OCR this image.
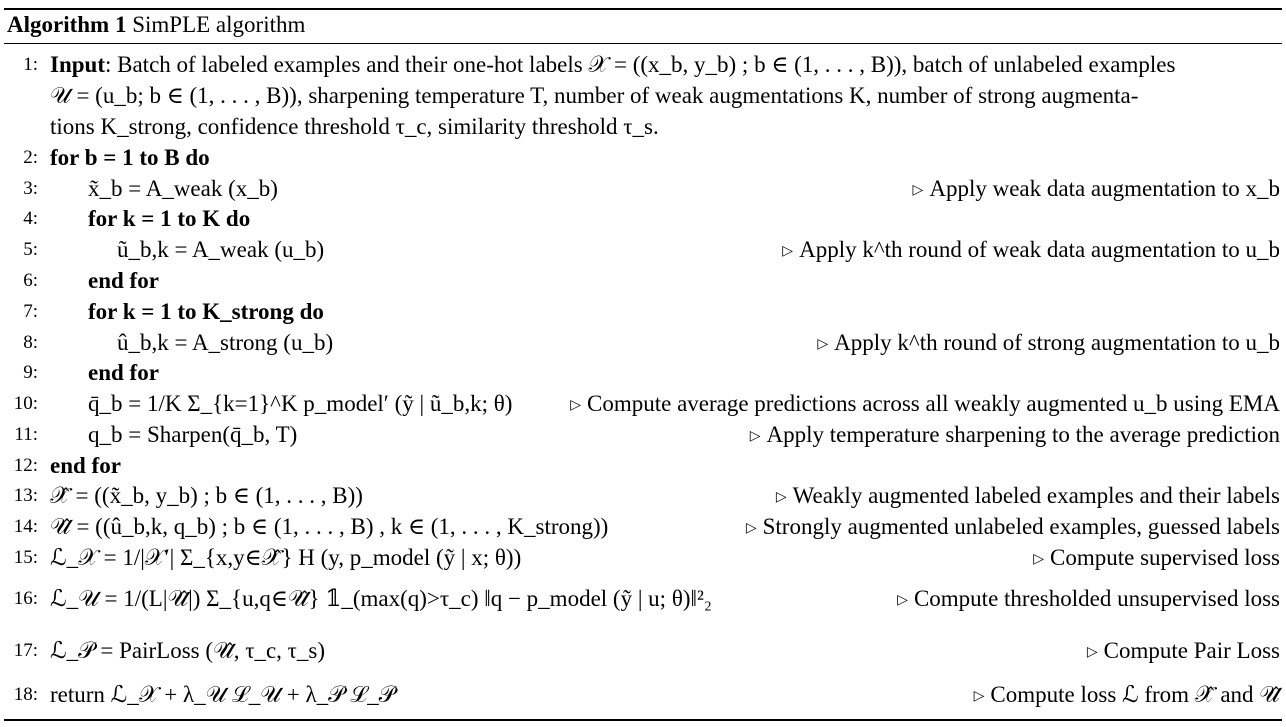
Algorithm 1 SimPLE algorithm
1: Input: Batch of labeled examples and their one-hot labels 𝒳 = ((x_b, y_b) ; b ∈ (1, . . . , B)), batch of unlabeled examples
𝒰 = (u_b; b ∈ (1, . . . , B)), sharpening temperature T, number of weak augmentations K, number of strong augmenta-
tions K_strong, confidence threshold τ_c, similarity threshold τ_s.
2: for b = 1 to B do
3: x̃_b = A_weak (x_b)	▷ Apply weak data augmentation to x_b
4: for k = 1 to K do
5:	ũ_b,k = A_weak (u_b)	▷ Apply k^th round of weak data augmentation to u_b
6: end for
7: for k = 1 to K_strong do
8:	û_b,k = A_strong (u_b)	▷ Apply k^th round of strong augmentation to u_b
9: end for
10: q̄_b = 1/K Σ_{k=1}^K p_model′ (ỹ | ũ_b,k; θ)	▷ Compute average predictions across all weakly augmented u_b using EMA
11: q_b = Sharpen(q̄_b, T)	▷ Apply temperature sharpening to the average prediction
12: end for
13: 𝒳̂ = ((x̃_b, y_b) ; b ∈ (1, . . . , B))	▷ Weakly augmented labeled examples and their labels
14: 𝒰̂ = ((û_b,k, q_b) ; b ∈ (1, . . . , B) , k ∈ (1, . . . , K_strong))	▷ Strongly augmented unlabeled examples, guessed labels
15: ℒ_𝒳 = 1/|𝒳′| Σ_{x,y∈𝒳̂} H (y, p_model (ỹ | x; θ))	▷ Compute supervised loss
16: ℒ_𝒰 = 1/(L|𝒰̂|) Σ_{u,q∈𝒰̂} 𝟙_(max(q)>τ_c) ‖q − p_model (ỹ | u; θ)‖²₂	▷ Compute thresholded unsupervised loss
17: ℒ_𝒫 = PairLoss (𝒰̂, τ_c, τ_s)	▷ Compute Pair Loss
18: return ℒ_𝒳 + λ_𝒰 ℒ_𝒰 + λ_𝒫 ℒ_𝒫	▷ Compute loss ℒ from 𝒳̂ and 𝒰̂
